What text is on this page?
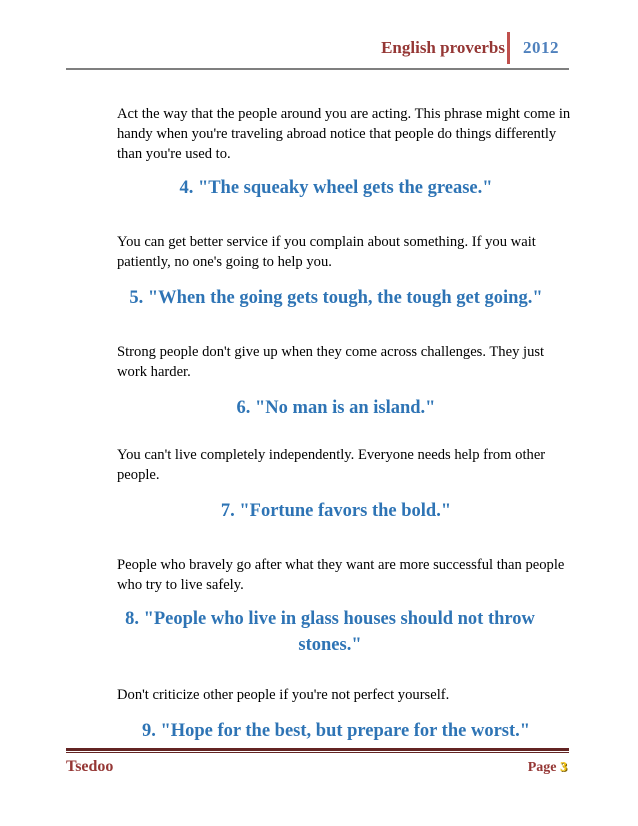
English proverbs 2012
Act the way that the people around you are acting. This phrase might come in handy when you're traveling abroad notice that people do things differently than you're used to.
4. "The squeaky wheel gets the grease."
You can get better service if you complain about something. If you wait patiently, no one's going to help you.
5. "When the going gets tough, the tough get going."
Strong people don't give up when they come across challenges. They just work harder.
6. "No man is an island."
You can't live completely independently. Everyone needs help from other people.
7. "Fortune favors the bold."
People who bravely go after what they want are more successful than people who try to live safely.
8. "People who live in glass houses should not throw stones."
Don't criticize other people if you're not perfect yourself.
9. "Hope for the best, but prepare for the worst."
Tsedoo	Page 3
